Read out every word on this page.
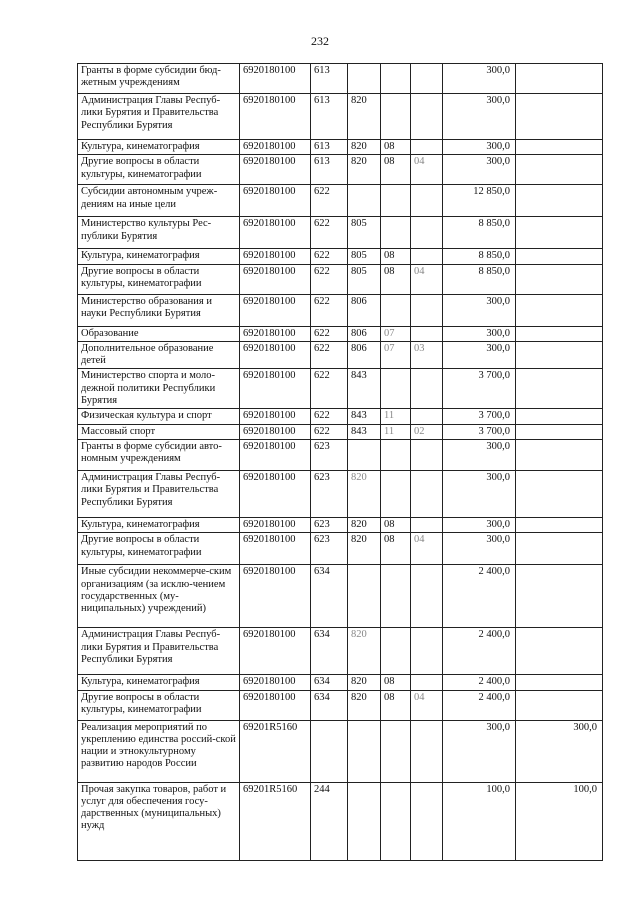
232
Гранты в форме субсидии бюд-жетным учреждениям	6920180100	613				300,0	
Администрация Главы Респуб-лики Бурятия и Правительства Республики Бурятия	6920180100	613	820			300,0	
Культура, кинематография	6920180100	613	820	08		300,0	
Другие вопросы в области культуры, кинематографии	6920180100	613	820	08	04	300,0	
Субсидии автономным учреж-дениям на иные цели	6920180100	622				12 850,0	
Министерство культуры Рес-публики Бурятия	6920180100	622	805			8 850,0	
Культура, кинематография	6920180100	622	805	08		8 850,0	
Другие вопросы в области культуры, кинематографии	6920180100	622	805	08	04	8 850,0	
Министерство образования и науки Республики Бурятия	6920180100	622	806			300,0	
Образование	6920180100	622	806	07		300,0	
Дополнительное образование детей	6920180100	622	806	07	03	300,0	
Министерство спорта и моло-дежной политики Республики Бурятия	6920180100	622	843			3 700,0	
Физическая культура и спорт	6920180100	622	843	11		3 700,0	
Массовый спорт	6920180100	622	843	11	02	3 700,0	
Гранты в форме субсидии авто-номным учреждениям	6920180100	623				300,0	
Администрация Главы Респуб-лики Бурятия и Правительства Республики Бурятия	6920180100	623	820			300,0	
Культура, кинематография	6920180100	623	820	08		300,0	
Другие вопросы в области культуры, кинематографии	6920180100	623	820	08	04	300,0	
Иные субсидии некоммерче-ским организациям (за исклю-чением государственных (му-ниципальных) учреждений)	6920180100	634				2 400,0	
Администрация Главы Респуб-лики Бурятия и Правительства Республики Бурятия	6920180100	634	820			2 400,0	
Культура, кинематография	6920180100	634	820	08		2 400,0	
Другие вопросы в области культуры, кинематографии	6920180100	634	820	08	04	2 400,0	
Реализация мероприятий по укреплению единства россий-ской нации и этнокультурному развитию народов России	69201R5160					300,0	300,0
Прочая закупка товаров, работ и услуг для обеспечения госу-дарственных (муниципальных) нужд	69201R5160	244				100,0	100,0
